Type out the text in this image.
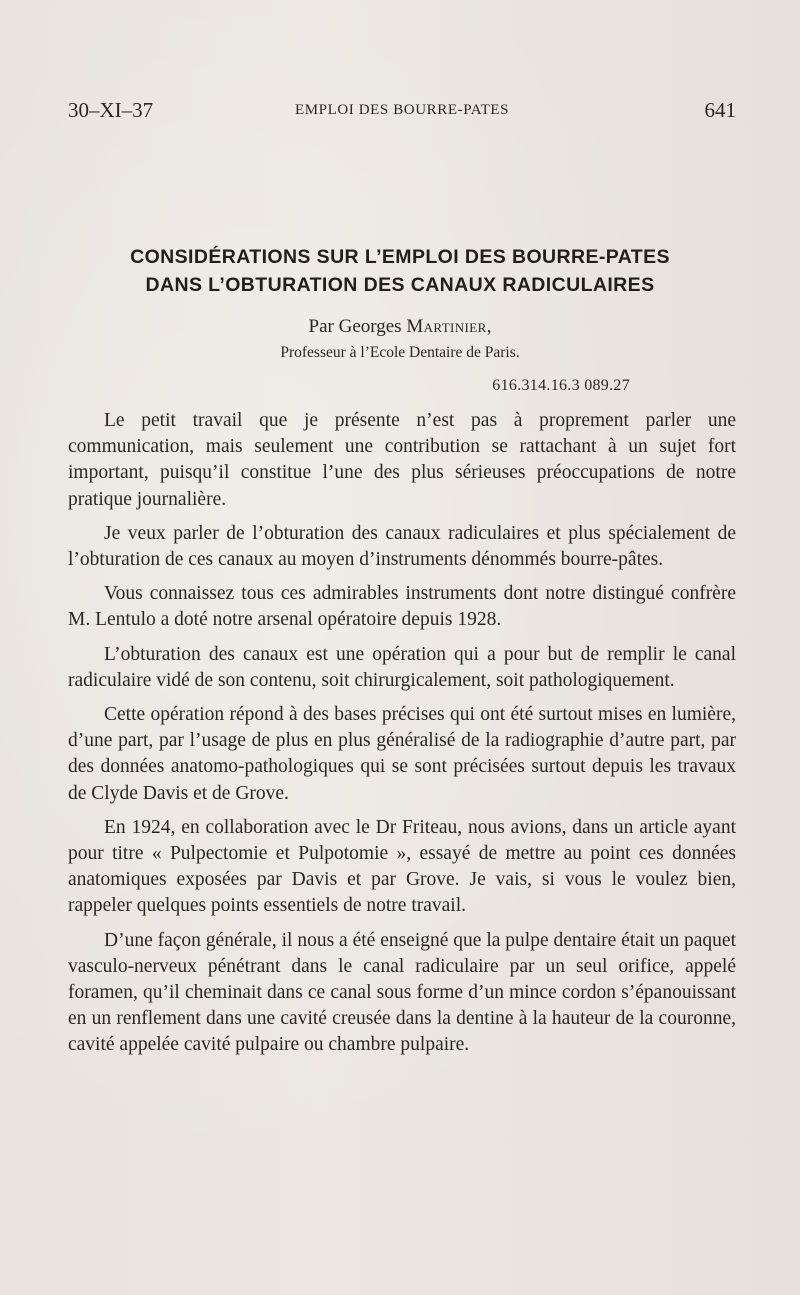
30–XI–37	EMPLOI DES BOURRE-PATES	641
CONSIDÉRATIONS SUR L’EMPLOI DES BOURRE-PATES
DANS L’OBTURATION DES CANAUX RADICULAIRES
Par Georges Martinier,
Professeur à l’Ecole Dentaire de Paris.
616.314.16.3 089.27

Le petit travail que je présente n’est pas à proprement parler une communication, mais seulement une contribution se rattachant à un sujet fort important, puisqu’il constitue l’une des plus sérieuses préoccupations de notre pratique journalière.

Je veux parler de l’obturation des canaux radiculaires et plus spécialement de l’obturation de ces canaux au moyen d’instruments dénommés bourre-pâtes.

Vous connaissez tous ces admirables instruments dont notre distingué confrère M. Lentulo a doté notre arsenal opératoire depuis 1928.

L’obturation des canaux est une opération qui a pour but de remplir le canal radiculaire vidé de son contenu, soit chirurgicalement, soit pathologiquement.

Cette opération répond à des bases précises qui ont été surtout mises en lumière, d’une part, par l’usage de plus en plus généralisé de la radiographie d’autre part, par des données anatomo-pathologiques qui se sont précisées surtout depuis les travaux de Clyde Davis et de Grove.

En 1924, en collaboration avec le Dr Friteau, nous avions, dans un article ayant pour titre « Pulpectomie et Pulpotomie », essayé de mettre au point ces données anatomiques exposées par Davis et par Grove. Je vais, si vous le voulez bien, rappeler quelques points essentiels de notre travail.

D’une façon générale, il nous a été enseigné que la pulpe dentaire était un paquet vasculo-nerveux pénétrant dans le canal radiculaire par un seul orifice, appelé foramen, qu’il cheminait dans ce canal sous forme d’un mince cordon s’épanouissant en un renflement dans une cavité creusée dans la dentine à la hauteur de la couronne, cavité appelée cavité pulpaire ou chambre pulpaire.
